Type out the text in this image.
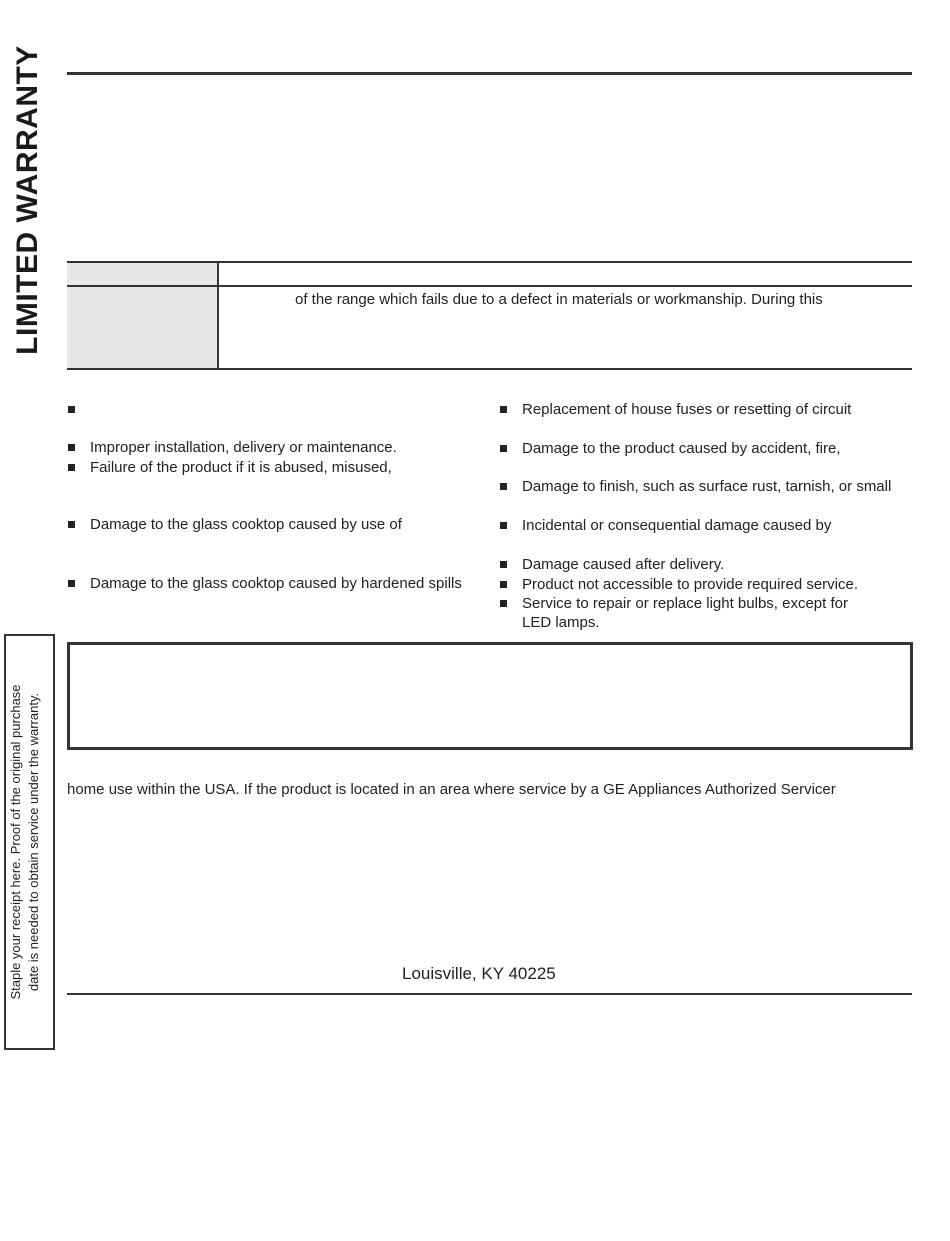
LIMITED WARRANTY	of the range which fails due to a defect in materials or workmanship. During this
Improper installation, delivery or maintenance.
Failure of the product if it is abused, misused,
Damage to the glass cooktop caused by use of
Damage to the glass cooktop caused by hardened spills
Replacement of house fuses or resetting of circuit
Damage to the product caused by accident, fire,
Damage to finish, such as surface rust, tarnish, or small
Incidental or consequential damage caused by
Damage caused after delivery.
Product not accessible to provide required service.
Service to repair or replace light bulbs, except for
LED lamps.
home use within the USA. If the product is located in an area where service by a GE Appliances Authorized Servicer
Louisville, KY 40225
Staple your receipt here. Proof of the original purchase date is needed to obtain service under the warranty.
